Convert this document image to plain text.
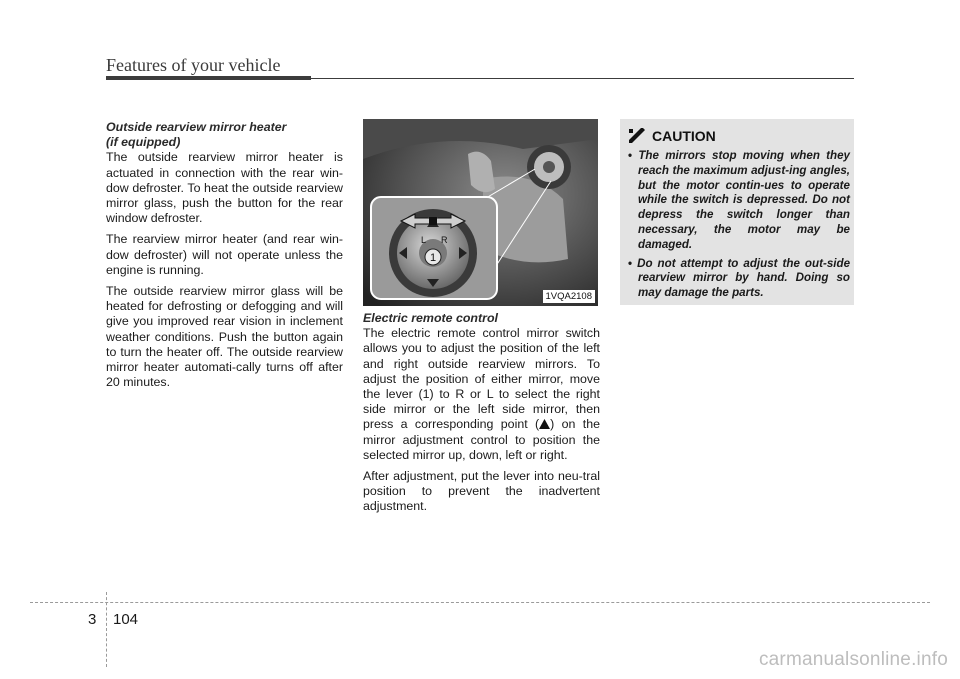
Features of your vehicle
Outside rearview mirror heater
(if equipped)

The outside rearview mirror heater is actuated in connection with the rear win-dow defroster. To heat the outside rearview mirror glass, push the button for the rear window defroster.

The rearview mirror heater (and rear win-dow defroster) will not operate unless the engine is running.

The outside rearview mirror glass will be heated for defrosting or defogging and will give you improved rear vision in inclement weather conditions. Push the button again to turn the heater off. The outside rearview mirror heater automati-cally turns off after 20 minutes.

L R
1
1VQA2108
Electric remote control

The electric remote control mirror switch allows you to adjust the position of the left and right outside rearview mirrors. To adjust the position of either mirror, move the lever (1) to R or L to select the right side mirror or the left side mirror, then press a corresponding point ( ) on the mirror adjustment control to position the selected mirror up, down, left or right.

After adjustment, put the lever into neu-tral position to prevent the inadvertent adjustment.

CAUTION
• The mirrors stop moving when they reach the maximum adjust-ing angles, but the motor contin-ues to operate while the switch is depressed. Do not depress the switch longer than necessary, the motor may be damaged.
• Do not attempt to adjust the out-side rearview mirror by hand. Doing so may damage the parts.
3 104
carmanualsonline.info
